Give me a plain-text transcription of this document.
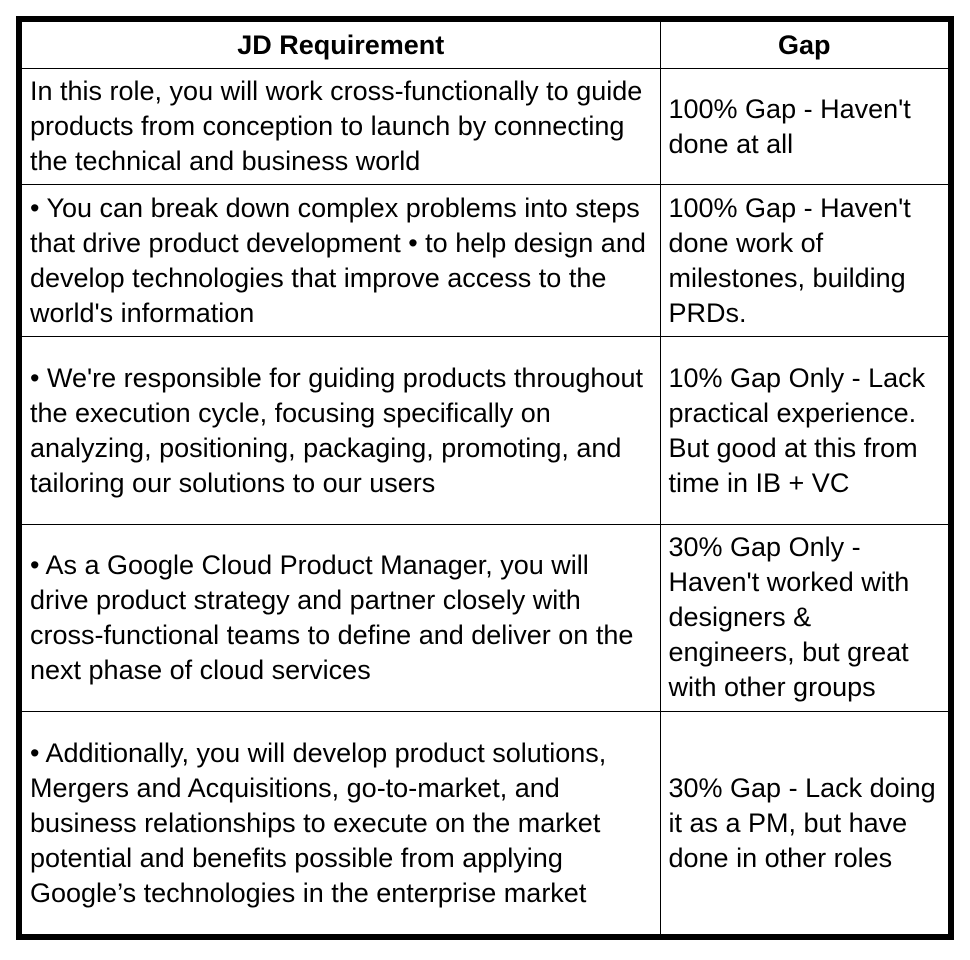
JD Requirement	Gap

In this role, you will work cross-functionally to guide products from conception to launch by connecting the technical and business world	100% Gap - Haven't done at all

• You can break down complex problems into steps that drive product development • to help design and develop technologies that improve access to the world's information	100% Gap - Haven't done work of milestones, building PRDs.

• We're responsible for guiding products throughout the execution cycle, focusing specifically on analyzing, positioning, packaging, promoting, and tailoring our solutions to our users	10% Gap Only - Lack practical experience. But good at this from time in IB + VC

• As a Google Cloud Product Manager, you will drive product strategy and partner closely with cross-functional teams to define and deliver on the next phase of cloud services	30% Gap Only - Haven't worked with designers & engineers, but great with other groups

• Additionally, you will develop product solutions, Mergers and Acquisitions, go-to-market, and business relationships to execute on the market potential and benefits possible from applying Google’s technologies in the enterprise market	30% Gap - Lack doing it as a PM, but have done in other roles
